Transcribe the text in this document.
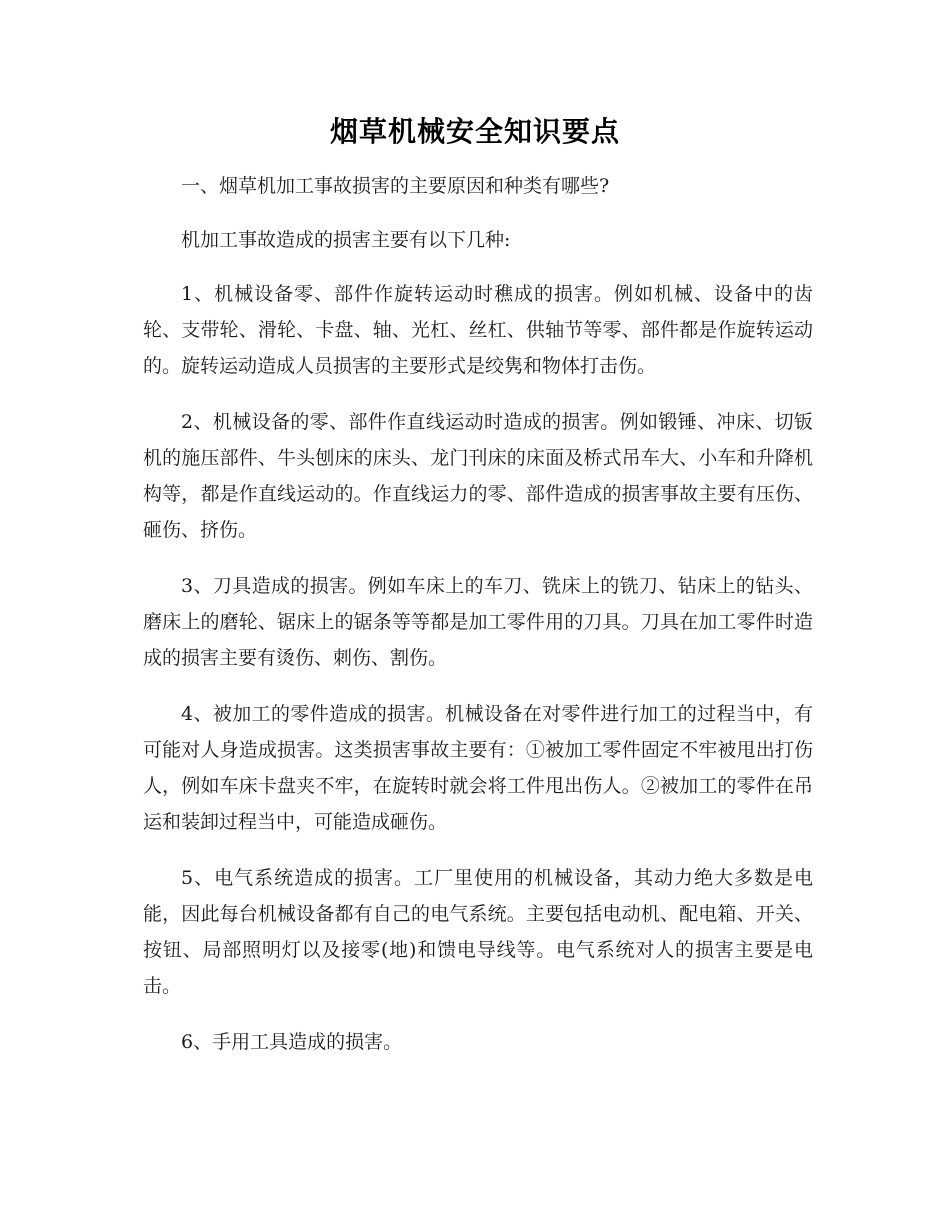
烟草机械安全知识要点

一、烟草机加工事故损害的主要原因和种类有哪些?

机加工事故造成的损害主要有以下几种:

1、机械设备零、部件作旋转运动时穛成的损害。例如机械、设备中的齿轮、支带轮、滑轮、卡盘、轴、光杠、丝杠、供轴节等零、部件都是作旋转运动的。旋转运动造成人员损害的主要形式是绞隽和物体打击伤。

2、机械设备的零、部件作直线运动时造成的损害。例如锻锤、冲床、切钣机的施压部件、牛头刨床的床头、龙门刊床的床面及桥式吊车大、小车和升降机构等，都是作直线运动的。作直线运力的零、部件造成的损害事故主要有压伤、砸伤、挤伤。

3、刀具造成的损害。例如车床上的车刀、铣床上的铣刀、钻床上的钻头、磨床上的磨轮、锯床上的锯条等等都是加工零件用的刀具。刀具在加工零件时造成的损害主要有烫伤、刺伤、割伤。

4、被加工的零件造成的损害。机械设备在对零件进行加工的过程当中，有可能对人身造成损害。这类损害事故主要有：①被加工零件固定不牢被甩出打伤人，例如车床卡盘夹不牢，在旋转时就会将工件甩出伤人。②被加工的零件在吊运和装卸过程当中，可能造成砸伤。

5、电气系统造成的损害。工厂里使用的机械设备，其动力绝大多数是电能，因此每台机械设备都有自己的电气系统。主要包括电动机、配电箱、开关、按钮、局部照明灯以及接零(地)和馈电导线等。电气系统对人的损害主要是电击。

6、手用工具造成的损害。
